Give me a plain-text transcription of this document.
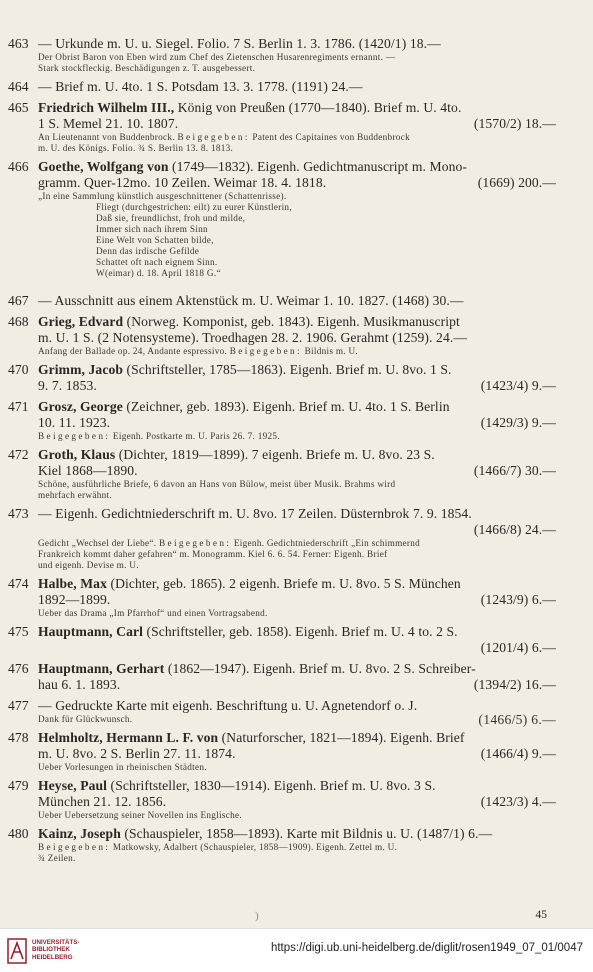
463 — Urkunde m. U. u. Siegel. Folio. 7 S. Berlin 1. 3. 1786. (1420/1) 18.—
Der Obrist Baron von Eben wird zum Chef des Zietenschen Husarenregiments ernannt. —
Stark stockfleckig. Beschädigungen z. T. ausgebessert.
464 — Brief m. U. 4to. 1 S. Potsdam 13. 3. 1778. (1191) 24.—
465 Friedrich Wilhelm III., König von Preußen (1770—1840). Brief m. U. 4to.
1 S. Memel 21. 10. 1807.	(1570/2) 18.—
An Lieutenannt von Buddenbrock. Beigegeben: Patent des Capitaines von Buddenbrock
m. U. des Königs. Folio. ¾ S. Berlin 13. 8. 1813.
466 Goethe, Wolfgang von (1749—1832). Eigenh. Gedichtmanuscript m. Mono-
gramm. Quer-12mo. 10 Zeilen. Weimar 18. 4. 1818.	(1669) 200.—
„In eine Sammlung künstlich ausgeschnittener (Schattenrisse).
Fliegt (durchgestrichen: eilt) zu eurer Künstlerin,
Daß sie, freundlichst, froh und milde,
Immer sich nach ihrem Sinn
Eine Welt von Schatten bilde,
Denn das irdische Gefilde
Schattet oft nach eignem Sinn.
W(eimar) d. 18. April 1818 G.“
467 — Ausschnitt aus einem Aktenstück m. U. Weimar 1. 10. 1827. (1468) 30.—
468 Grieg, Edvard (Norweg. Komponist, geb. 1843). Eigenh. Musikmanuscript
m. U. 1 S. (2 Notensysteme). Troedhagen 28. 2. 1906. Gerahmt (1259). 24.—
Anfang der Ballade op. 24, Andante espressivo. Beigegeben: Bildnis m. U.
470 Grimm, Jacob (Schriftsteller, 1785—1863). Eigenh. Brief m. U. 8vo. 1 S.
9. 7. 1853.	(1423/4) 9.—
471 Grosz, George (Zeichner, geb. 1893). Eigenh. Brief m. U. 4to. 1 S. Berlin
10. 11. 1923.	(1429/3) 9.—
Beigegeben: Eigenh. Postkarte m. U. Paris 26. 7. 1925.
472 Groth, Klaus (Dichter, 1819—1899). 7 eigenh. Briefe m. U. 8vo. 23 S.
Kiel 1868—1890.	(1466/7) 30.—
Schöne, ausführliche Briefe, 6 davon an Hans von Bülow, meist über Musik. Brahms wird
mehrfach erwähnt.
473 — Eigenh. Gedichtniederschrift m. U. 8vo. 17 Zeilen. Düsternbrok 7. 9. 1854.
(1466/8) 24.—
Gedicht „Wechsel der Liebe“. Beigegeben: Eigenh. Gedichtniederschrift „Ein schimmernd
Frankreich kommt daher gefahren“ m. Monogramm. Kiel 6. 6. 54. Ferner: Eigenh. Brief
und eigenh. Devise m. U.
474 Halbe, Max (Dichter, geb. 1865). 2 eigenh. Briefe m. U. 8vo. 5 S. München
1892—1899.	(1243/9) 6.—
Ueber das Drama „Im Pfarrhof“ und einen Vortragsabend.
475 Hauptmann, Carl (Schriftsteller, geb. 1858). Eigenh. Brief m. U. 4 to. 2 S.
(1201/4) 6.—
476 Hauptmann, Gerhart (1862—1947). Eigenh. Brief m. U. 8vo. 2 S. Schreiber-
hau 6. 1. 1893.	(1394/2) 16.—
477 — Gedruckte Karte mit eigenh. Beschriftung u. U. Agnetendorf o. J.
Dank für Glückwunsch.	(1466/5) 6.—
478 Helmholtz, Hermann L. F. von (Naturforscher, 1821—1894). Eigenh. Brief
m. U. 8vo. 2 S. Berlin 27. 11. 1874.	(1466/4) 9.—
Ueber Vorlesungen in rheinischen Städten.
479 Heyse, Paul (Schriftsteller, 1830—1914). Eigenh. Brief m. U. 8vo. 3 S.
München 21. 12. 1856.	(1423/3) 4.—
Ueber Uebersetzung seiner Novellen ins Englische.
480 Kainz, Joseph (Schauspieler, 1858—1893). Karte mit Bildnis u. U. (1487/1) 6.—
Beigegeben: Matkowsky, Adalbert (Schauspieler, 1858—1909). Eigenh. Zettel m. U.
¾ Zeilen.
)	45
UNIVERSITÄTS-
BIBLIOTHEK
HEIDELBERG
https://digi.ub.uni-heidelberg.de/diglit/rosen1949_07_01/0047
